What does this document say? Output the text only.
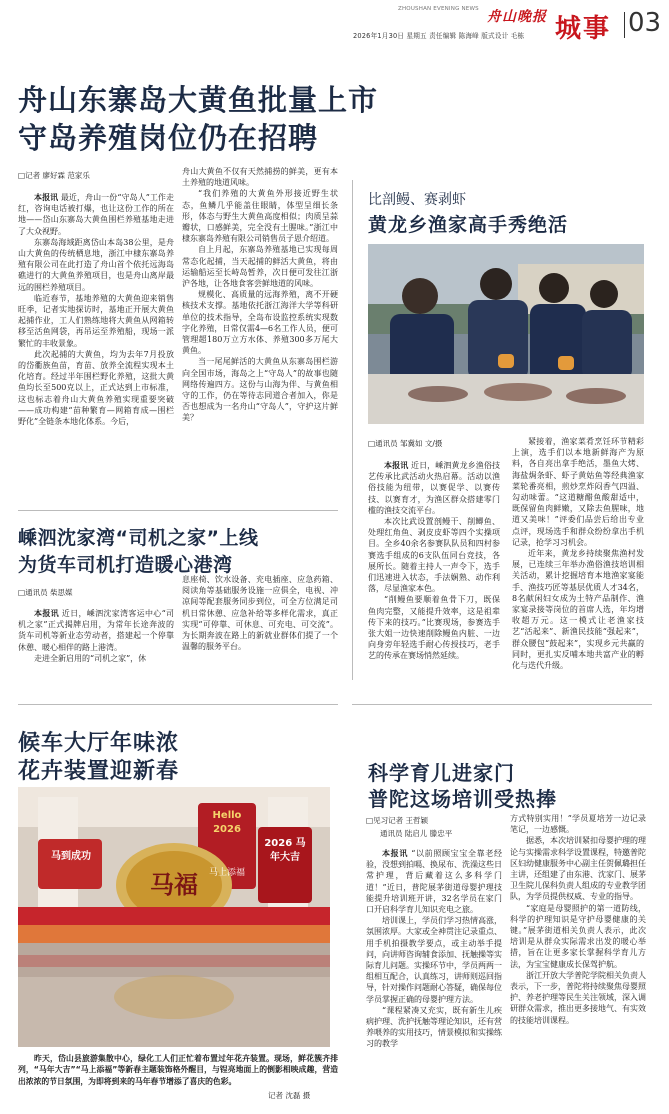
ZHOUSHAN EVENING NEWS 舟山晚报
2026年1月30日 星期五 责任编辑 陈海峰 版式设计 毛栋 城事 03
舟山东寨岛大黄鱼批量上市
守岛养殖岗位仍在招聘
□记者 廖好霖 范家乐

本报讯 最近，舟山一份“守岛人”工作走红，咨询电话被打爆，也让这份工作的所在地——岱山东寨岛大黄鱼围栏养殖基地走进了大众视野。

东寨岛海域距离岱山本岛38公里，是舟山大黄鱼的传统栖息地，浙江中棣东寨岛养殖有限公司在此打造了舟山首个依托远海岛礁进行的大黄鱼养殖项目，也是舟山离岸最远的围栏养殖项目。

临近春节，基地养殖的大黄鱼迎来销售旺季，记者实地探访时，基地正开展大黄鱼起捕作业，工人们熟练地将大黄鱼从网箱转移至活鱼网袋，再吊运至养殖船，现场一派繁忙的丰收景象。

此次起捕的大黄鱼，均为去年7月投放的岱衢族鱼苗，育苗、放养全流程实现本土化培育。经过半年围栏野化养殖，这批大黄鱼均长至500克以上，正式达到上市标准，这也标志着舟山大黄鱼养殖实现重要突破——成功构建“苗种繁育—网箱育成—围栏野化”全链条本地化体系。今后，

舟山大黄鱼不仅有天然捕捞的鲜美，更有本土养殖的地道风味。

“我们养殖的大黄鱼外形接近野生状态，鱼鳞几乎能盖住眼睛，体型呈细长条形，体态与野生大黄鱼高度相似；肉质呈蒜瓣状，口感鲜美，完全没有土腥味。”浙江中棣东寨岛养殖有限公司销售员子恩介绍道。

自上月起，东寨岛养殖基地已实现每周常态化起捕，当天起捕的鲜活大黄鱼，将由运输船运至长峙岛暂养，次日便可发往江浙沪各地，让各地食客尝鲜地道的风味。

规模化、高质量的远海养殖，离不开硬核技术支撑。基地依托浙江海洋大学等科研单位的技术指导，全岛布设监控系统实现数字化养殖，日常仅需4—6名工作人员，便可管理超180万立方水体、养殖300多万尾大黄鱼。

当一尾尾鲜活的大黄鱼从东寨岛围栏游向全国市场，海岛之上“守岛人”的故事也随网络传遍四方。这份与山海为伴、与黄鱼相守的工作，仍在等待志同道合者加入，你是否也想成为一名舟山“守岛人”，守护这片鲜美？

比剖鳗、赛剥虾
黄龙乡渔家高手秀绝活
□通讯员 邹冀如 文/摄

本报讯 近日，嵊泗黄龙乡渔俗技艺传承比武活动火热启幕。活动以渔俗技能为纽带，以赛促学、以赛传技、以赛育才，为渔区群众搭建零门槛的渔技交流平台。

本次比武设置剖鳗干、削鲫鱼、处理红角鱼、剥皮皮虾等四个实操项目。全乡40余名参赛队队员和四村参赛选手组成的6支队伍同台竞技，各展所长。随着主持人一声令下，选手们迅速进入状态，手法娴熟、动作利落，尽显渔家本色。

“削鳗鱼要顺着鱼骨下刀，既保鱼肉完整，又能提升效率，这是祖辈传下来的技巧。”比赛现场，参赛选手张大姐一边快速削除鳗鱼内脏、一边向身旁年轻选手耐心传授技巧，老手艺的传承在赛场悄然延续。

紧接着，渔家菜肴烹饪环节精彩上演，选手们以本地新鲜海产为原料，各自亮出拿手绝活，墨鱼大烤、海盐焗条虾、虾子黄姑鱼等经典渔家菜轮番亮相，煎炒烹炸闷香气四溢、勾动味蕾。“这道糖醋鱼酸甜适中，既保留鱼肉鲜嫩，又除去鱼腥味，地道又美味！”评委们品尝后给出专业点评，现场选手和群众纷纷拿出手机记录，抢学习习机会。

近年来，黄龙乡持续聚焦渔村发展，已连续三年举办渔俗渔技培训相关活动，累计挖掘培育本地渔家宴能手、渔技巧匠等基层优质人才34名，8名献闲妇女成为土特产品制作、渔家宴录接等岗位的首席人选，年均增收超万元。这一模式让老渔家技艺“活起来”、新渔民技能“强起来”，群众腰包“鼓起来”，实现乡元共赢的同时，更扎实反哺本地共富产业的孵化与迭代升级。

嵊泗沈家湾“司机之家”上线
为货车司机打造暖心港湾
□通讯员 柴思媒

本报讯 近日，嵊泗沈家湾客运中心“司机之家”正式揭牌启用，为常年长途奔波的货车司机等新业态劳动者，搭建起一个停靠休憩、暖心相伴的路上港湾。

走进全新启用的“司机之家”，休

息座椅、饮水设备、充电插座、应急药箱、阅读角等基础服务设施一应俱全，电视、冲凉间等配套服务同步到位，可全方位满足司机日常休憩、应急补给等多样化需求，真正实现“可停靠、可休息、可充电、可交流”。为长期奔波在路上的新就业群体们提了一个温馨的服务平台。

候车大厅年味浓
花卉装置迎新春
马到成功
Hello 2026
马福	马上添福
2026 马年大吉
昨天，岱山县旅游集散中心，绿化工人们正忙着布置过年花卉装置。现场，鲜花簇齐排列，“马年大吉”“马上添福”等新春主题装饰格外醒目，与锃亮地面上的倒影相映成趣，营造出浓浓的节日氛围，为即将到来的马年春节增添了喜庆的色彩。
记者 沈磊 摄
科学育儿进家门
普陀这场培训受热捧
□见习记者 王哲颖
通讯员 陆启儿 滕忠平

本报讯 “以前照顾宝宝全靠老经验，没想到拍嗝、换尿布、洗澡这些日常护理，背后藏着这么多科学门道！”近日，普陀展茅街道母婴护理技能提升培训班开讲，32名学员在家门口开启科学育儿知识充电之旅。

培训课上，学员们学习热情高涨，氛围浓厚。大家或全神贯注记录重点、用手机拍摄教学要点，或主动举手提问，向讲师咨询辅食添加、抚触操等实际育儿问题。实操环节中，学员两两一组相互配合，认真练习，讲师则巡回指导，针对操作问题耐心答疑，确保每位学员掌握正确的母婴护理方法。

“课程紧凑又充实，既有新生儿疾病护理、洗护抚触等理论知识，还有营养喂养的实用技巧，情景模拟和实操练习的教学

方式特别实用！”学员夏培芳一边记录笔记，一边感慨。

据悉，本次培训紧扣母婴护理的理论与实操需求科学设置课程，特邀普陀区妇幼健康服务中心副主任贺佩璐担任主讲，还组建了由东港、沈家门、展茅卫生院儿保科负责人组成的专业教学团队，为学员提供权威、专业的指导。

“家庭是母婴照护的第一道防线，科学的护理知识是守护母婴健康的关键。”展茅街道相关负责人表示，此次培训是从群众实际需求出发的暖心举措，旨在让更多家长掌握科学育儿方法，为宝宝健康成长保驾护航。

浙江开放大学普陀学院相关负责人表示，下一步，普陀将持续聚焦母婴照护、养老护理等民生关注领域，深入调研群众需求，推出更多接地气、有实效的技能培训课程。
